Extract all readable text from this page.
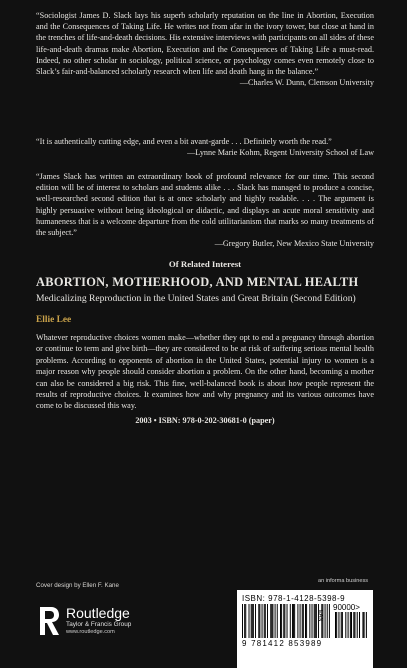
“Sociologist James D. Slack lays his superb scholarly reputation on the line in Abortion, Execution and the Consequences of Taking Life. He writes not from afar in the ivory tower, but close at hand in the trenches of life-and-death decisions. His extensive interviews with participants on all sides of these life-and-death dramas make Abortion, Execution and the Consequences of Taking Life a must-read. Indeed, no other scholar in sociology, political science, or psychology comes even remotely close to Slack’s fair-and-balanced scholarly research when life and death hang in the balance.”

—Charles W. Dunn, Clemson University

“It is authentically cutting edge, and even a bit avant-garde . . . Definitely worth the read.”

—Lynne Marie Kohm, Regent University School of Law

“James Slack has written an extraordinary book of profound relevance for our time. This second edition will be of interest to scholars and students alike . . . Slack has managed to produce a concise, well-researched second edition that is at once scholarly and highly readable. . . . The argument is highly persuasive without being ideological or didactic, and displays an acute moral sensitivity and humaneness that is a welcome departure from the cold utilitarianism that marks so many treatments of the subject.”

—Gregory Butler, New Mexico State University

Of Related Interest

ABORTION, MOTHERHOOD, AND MENTAL HEALTH

Medicalizing Reproduction in the United States and Great Britain (Second Edition)

Ellie Lee

Whatever reproductive choices women make—whether they opt to end a pregnancy through abortion or continue to term and give birth—they are considered to be at risk of suffering serious mental health problems. According to opponents of abortion in the United States, potential injury to women is a major reason why people should consider abortion a problem. On the other hand, becoming a mother can also be considered a big risk. This fine, well-balanced book is about how people represent the results of reproductive choices. It examines how and why pregnancy and its various outcomes have come to be discussed this way.

2003 • ISBN: 978-0-202-30681-0 (paper)
an informa business
Cover design by Ellen F. Kane
Routledge
Taylor & Francis Group
www.routledge.com
ISBN: 978-1-4128-5398-9
90000>
EAN
9 781412 853989
